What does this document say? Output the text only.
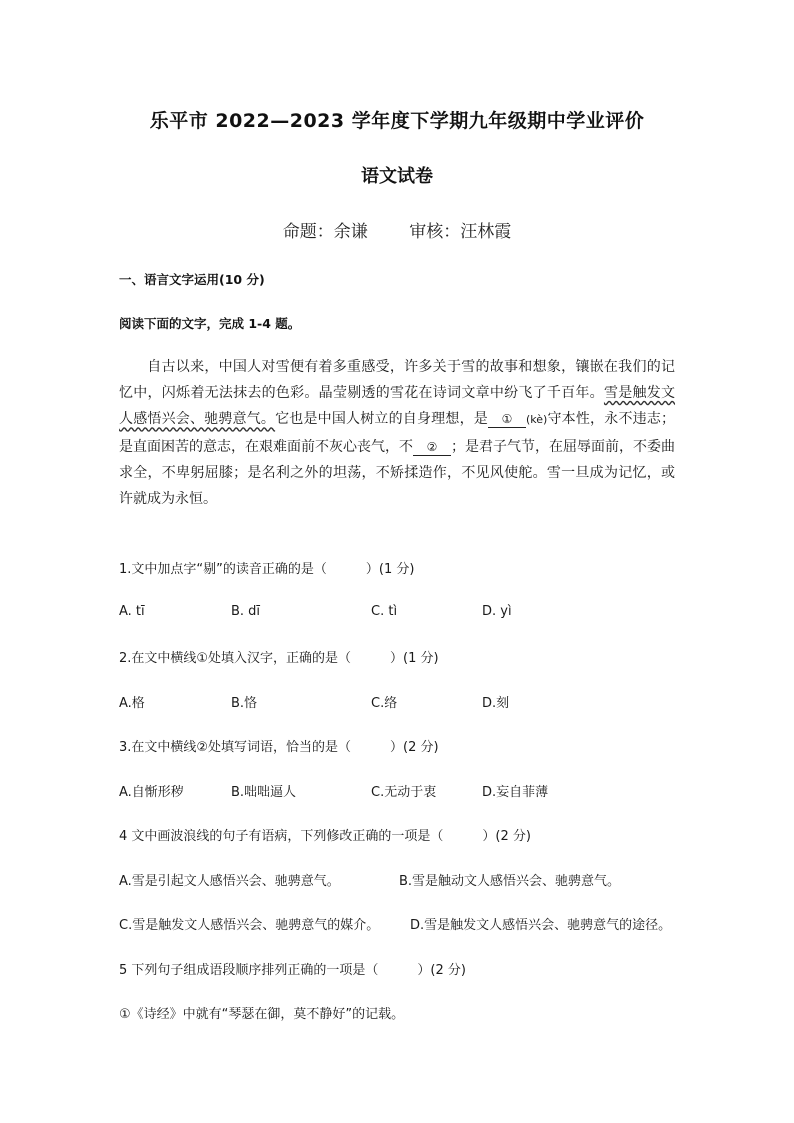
乐平市 2022—2023 学年度下学期九年级期中学业评价
语文试卷
命题：余谦 审核：汪林霞
一、语言文字运用(10 分)
阅读下面的文字，完成 1-4 题。
自古以来，中国人对雪便有着多重感受，许多关于雪的故事和想象，镶嵌在我们的记忆中，闪烁着无法抹去的色彩。晶莹剔透的雪花在诗词文章中纷飞了千百年。雪是触发文人感悟兴会、驰骋意气。它也是中国人树立的自身理想，是 ① (kè)守本性，永不违志；是直面困苦的意志，在艰难面前不灰心丧气，不 ② ；是君子气节，在屈辱面前，不委曲求全，不卑躬屈膝；是名利之外的坦荡，不矫揉造作，不见风使舵。雪一旦成为记忆，或许就成为永恒。
1.文中加点字“剔”的读音正确的是（　　　）(1 分)
A. tī	B. dī	C. tì	D. yì
2.在文中横线①处填入汉字，正确的是（　　　）(1 分)
A.格	B.恪	C.络	D.刻
3.在文中横线②处填写词语，恰当的是（　　　）(2 分)
A.自惭形秽	B.咄咄逼人	C.无动于衷	D.妄自菲薄
4 文中画波浪线的句子有语病，下列修改正确的一项是（　　　）(2 分)
A.雪是引起文人感悟兴会、驰骋意气。	B.雪是触动文人感悟兴会、驰骋意气。
C.雪是触发文人感悟兴会、驰骋意气的媒介。 D.雪是触发文人感悟兴会、驰骋意气的途径。
5 下列句子组成语段顺序排列正确的一项是（　　　）(2 分)
①《诗经》中就有“琴瑟在御，莫不静好”的记载。
